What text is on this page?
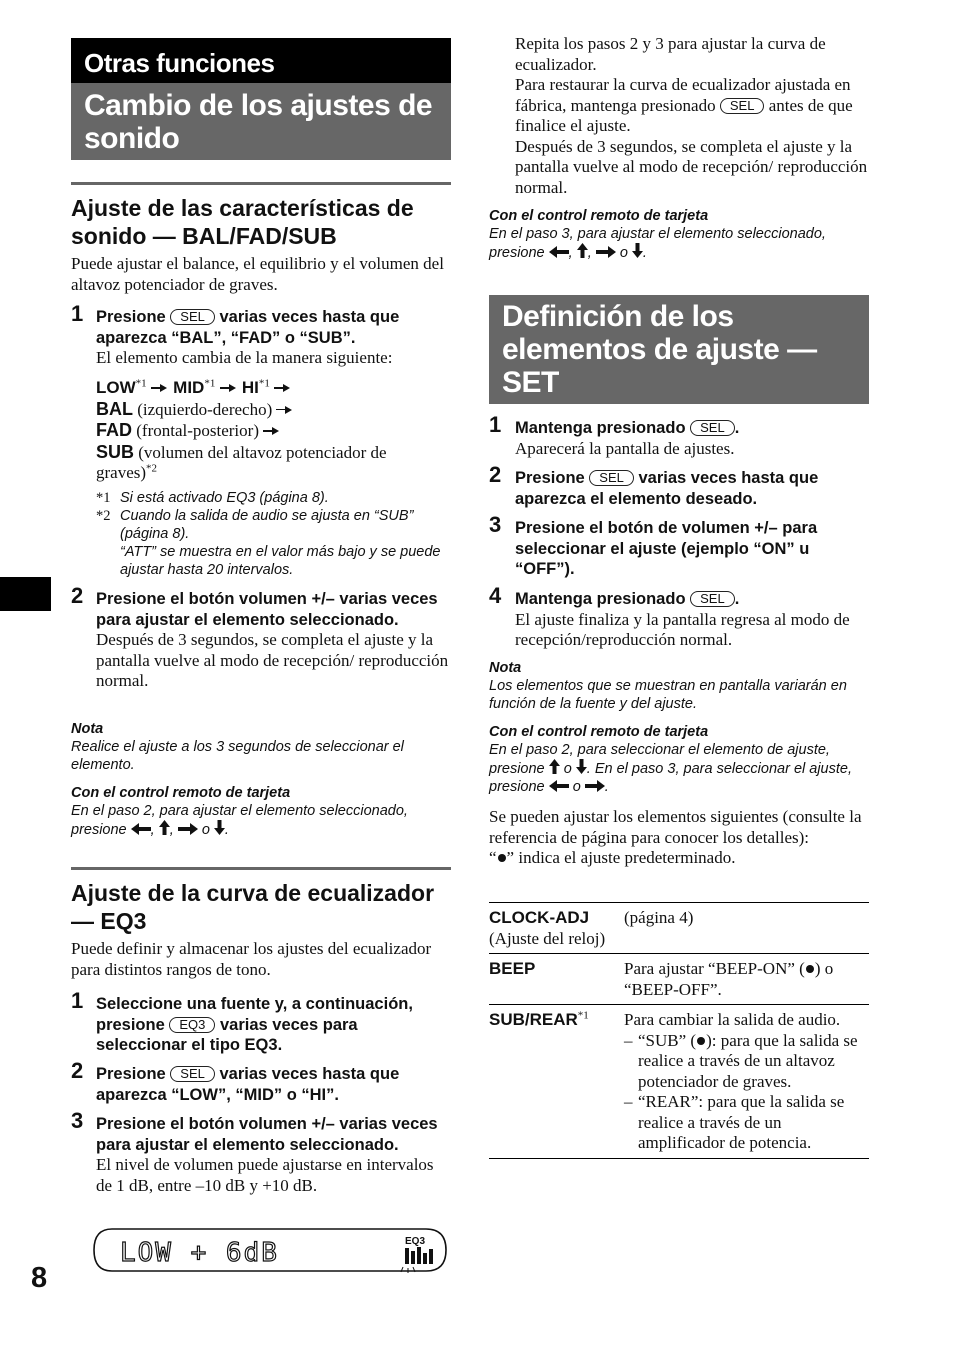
Otras funciones
Cambio de los ajustes de sonido
Ajuste de las características de sonido — BAL/FAD/SUB
Puede ajustar el balance, el equilibrio y el volumen del altavoz potenciador de graves.
1 Presione SEL varias veces hasta que aparezca “BAL”, “FAD” o “SUB”.
El elemento cambia de la manera siguiente:
LOW$^{*1}$ MID$^{*1}$ HI$^{*1}$
BAL (izquierdo-derecho)
FAD (frontal-posterior)
SUB (volumen del altavoz potenciador de graves)$^{*2}$
*1 Si está activado EQ3 (página 8).
*2 Cuando la salida de audio se ajusta en “SUB” (página 8).
“ATT” se muestra en el valor más bajo y se puede ajustar hasta 20 intervalos.
2 Presione el botón volumen +/– varias veces para ajustar el elemento seleccionado.
Después de 3 segundos, se completa el ajuste y la pantalla vuelve al modo de recepción/ reproducción normal.
Nota
Realice el ajuste a los 3 segundos de seleccionar el elemento.
Con el control remoto de tarjeta
En el paso 2, para ajustar el elemento seleccionado, presione , , o .
Ajuste de la curva de ecualizador — EQ3
Puede definir y almacenar los ajustes del ecualizador para distintos rangos de tono.
1 Seleccione una fuente y, a continuación, presione EQ3 varias veces para seleccionar el tipo EQ3.
2 Presione SEL varias veces hasta que aparezca “LOW”, “MID” o “HI”.
3 Presione el botón volumen +/– varias veces para ajustar el elemento seleccionado.
El nivel de volumen puede ajustarse en intervalos de 1 dB, entre –10 dB y +10 dB.
LOW + 6dB	EQ3
Repita los pasos 2 y 3 para ajustar la curva de ecualizador.
Para restaurar la curva de ecualizador ajustada en fábrica, mantenga presionado SEL antes de que finalice el ajuste.
Después de 3 segundos, se completa el ajuste y la pantalla vuelve al modo de recepción/ reproducción normal.
Con el control remoto de tarjeta
En el paso 3, para ajustar el elemento seleccionado, presione , , o .
Definición de los elementos de ajuste — SET
1 Mantenga presionado SEL .
Aparecerá la pantalla de ajustes.
2 Presione SEL varias veces hasta que aparezca el elemento deseado.
3 Presione el botón de volumen +/– para seleccionar el ajuste (ejemplo “ON” u “OFF”).
4 Mantenga presionado SEL .
El ajuste finaliza y la pantalla regresa al modo de recepción/reproducción normal.
Nota
Los elementos que se muestran en pantalla variarán en función de la fuente y del ajuste.
Con el control remoto de tarjeta
En el paso 2, para seleccionar el elemento de ajuste, presione o . En el paso 3, para seleccionar el ajuste, presione o .
Se pueden ajustar los elementos siguientes (consulte la referencia de página para conocer los detalles):
“ ” indica el ajuste predeterminado.
CLOCK-ADJ
(Ajuste del reloj)	(página 4)
BEEP	Para ajustar “BEEP-ON” ( ) o “BEEP-OFF”.
SUB/REAR$^{*1}$	Para cambiar la salida de audio.
– “SUB” ( ): para que la salida se realice a través de un altavoz potenciador de graves.
– “REAR”: para que la salida se realice a través de un amplificador de potencia.
8
